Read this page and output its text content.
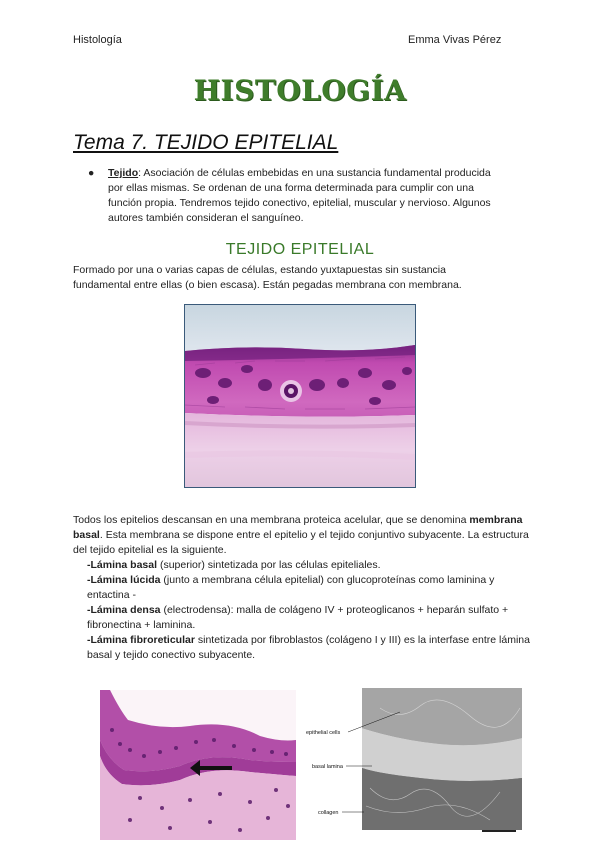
Histología	Emma Vivas Pérez
HISTOLOGÍA
Tema 7. TEJIDO EPITELIAL
● Tejido: Asociación de células embebidas en una sustancia fundamental producida por ellas mismas. Se ordenan de una forma determinada para cumplir con una función propia. Tendremos tejido conectivo, epitelial, muscular y nervioso. Algunos autores también consideran el sanguíneo.
TEJIDO EPITELIAL
Formado por una o varias capas de células, estando yuxtapuestas sin sustancia fundamental entre ellas (o bien escasa). Están pegadas membrana con membrana.
Todos los epitelios descansan en una membrana proteica acelular, que se denomina membrana basal. Esta membrana se dispone entre el epitelio y el tejido conjuntivo subyacente. La estructura del tejido epitelial es la siguiente.
-Lámina basal (superior) sintetizada por las células epiteliales.
-Lámina lúcida (junto a membrana célula epitelial) con glucoproteínas como laminina y entactina -
-Lámina densa (electrodensa): malla de colágeno IV + proteoglicanos + heparán sulfato + fibronectina + laminina.
-Lámina fibroreticular sintetizada por fibroblastos (colágeno I y III) es la interfase entre lámina basal y tejido conectivo subyacente.
epithelial cells
basal lamina
collagen
